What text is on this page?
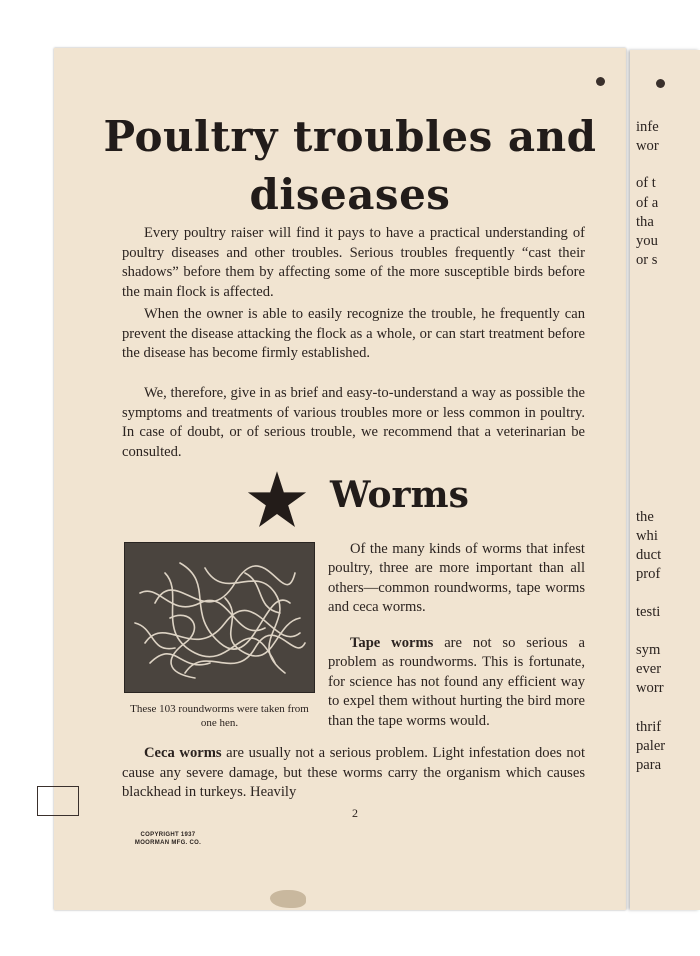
Poultry troubles and
diseases

Every poultry raiser will find it pays to have a practical understanding of poultry diseases and other troubles. Serious troubles frequently “cast their shadows” before them by affecting some of the more susceptible birds before the main flock is affected.

When the owner is able to easily recognize the trouble, he frequently can prevent the disease attacking the flock as a whole, or can start treatment before the disease has become firmly established.

We, therefore, give in as brief and easy-to-understand a way as possible the symptoms and treatments of various troubles more or less common in poultry. In case of doubt, or of serious trouble, we recommend that a veterinarian be consulted.

Worms

These 103 roundworms were taken from one hen.

Of the many kinds of worms that infest poultry, three are more important than all others—common roundworms, tape worms and ceca worms.

Tape worms are not so serious a problem as roundworms. This is fortunate, for science has not found any efficient way to expel them without hurting the bird more than the tape worms would.

Ceca worms are usually not a serious problem. Light infestation does not cause any severe damage, but these worms carry the organism which causes blackhead in turkeys. Heavily

2

COPYRIGHT 1937
MOORMAN MFG. CO.

infe

wor

of t

of a

tha

you

or s

the

whi

duct

prof

testi

sym

ever

worr

thrif

paler

para
